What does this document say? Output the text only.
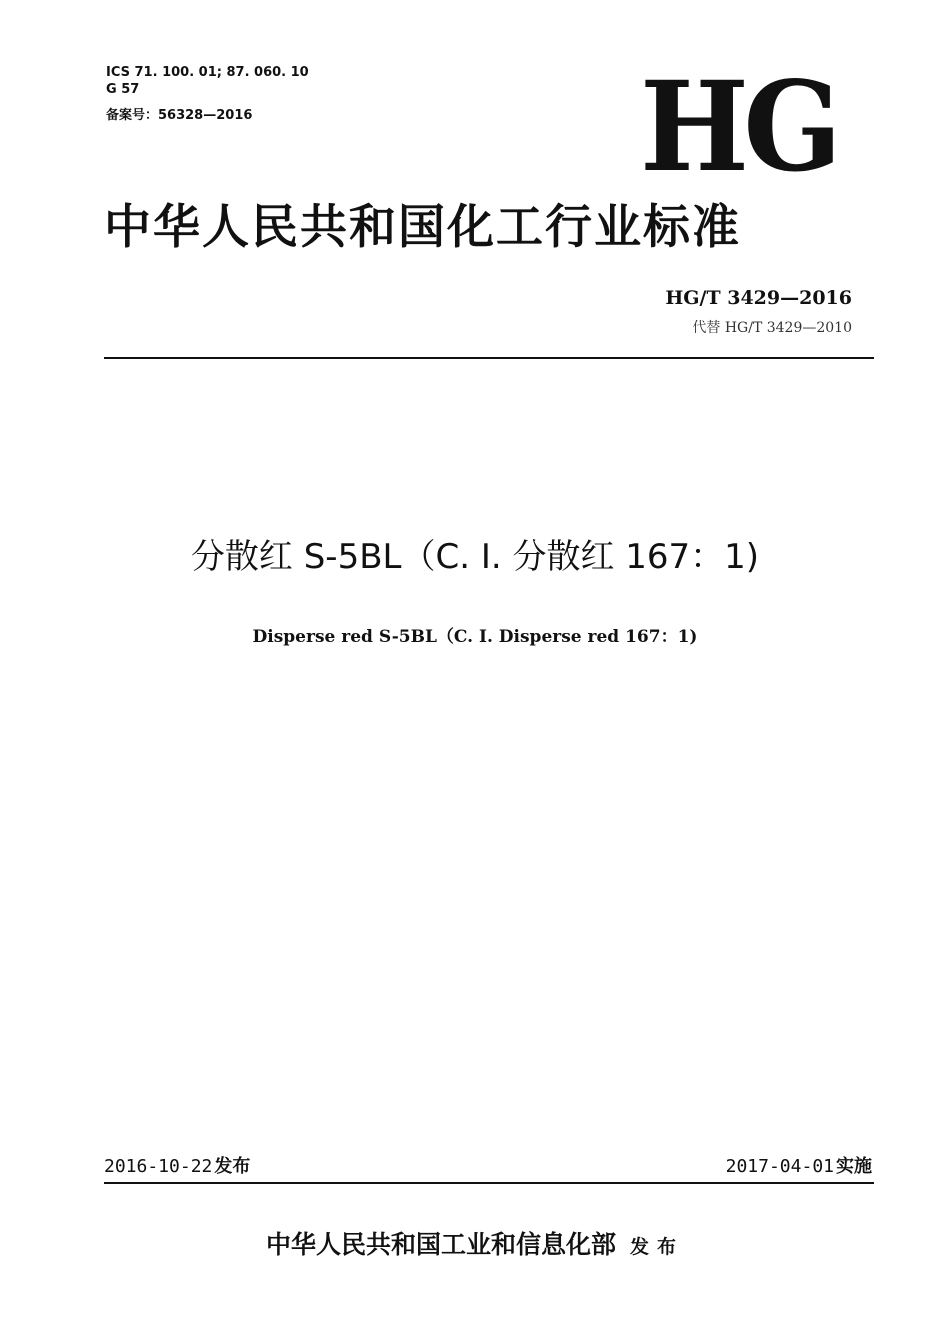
ICS 71. 100. 01; 87. 060. 10
G 57
备案号：56328—2016	HG
中华人民共和国化工行业标准
HG/T 3429—2016
代替 HG/T 3429—2010
分散红 S-5BL（C. I. 分散红 167：1)
Disperse red S-5BL（C. I. Disperse red 167：1)
2016-10-22 发布	2017-04-01 实施
中华人民共和国工业和信息化部 发布
